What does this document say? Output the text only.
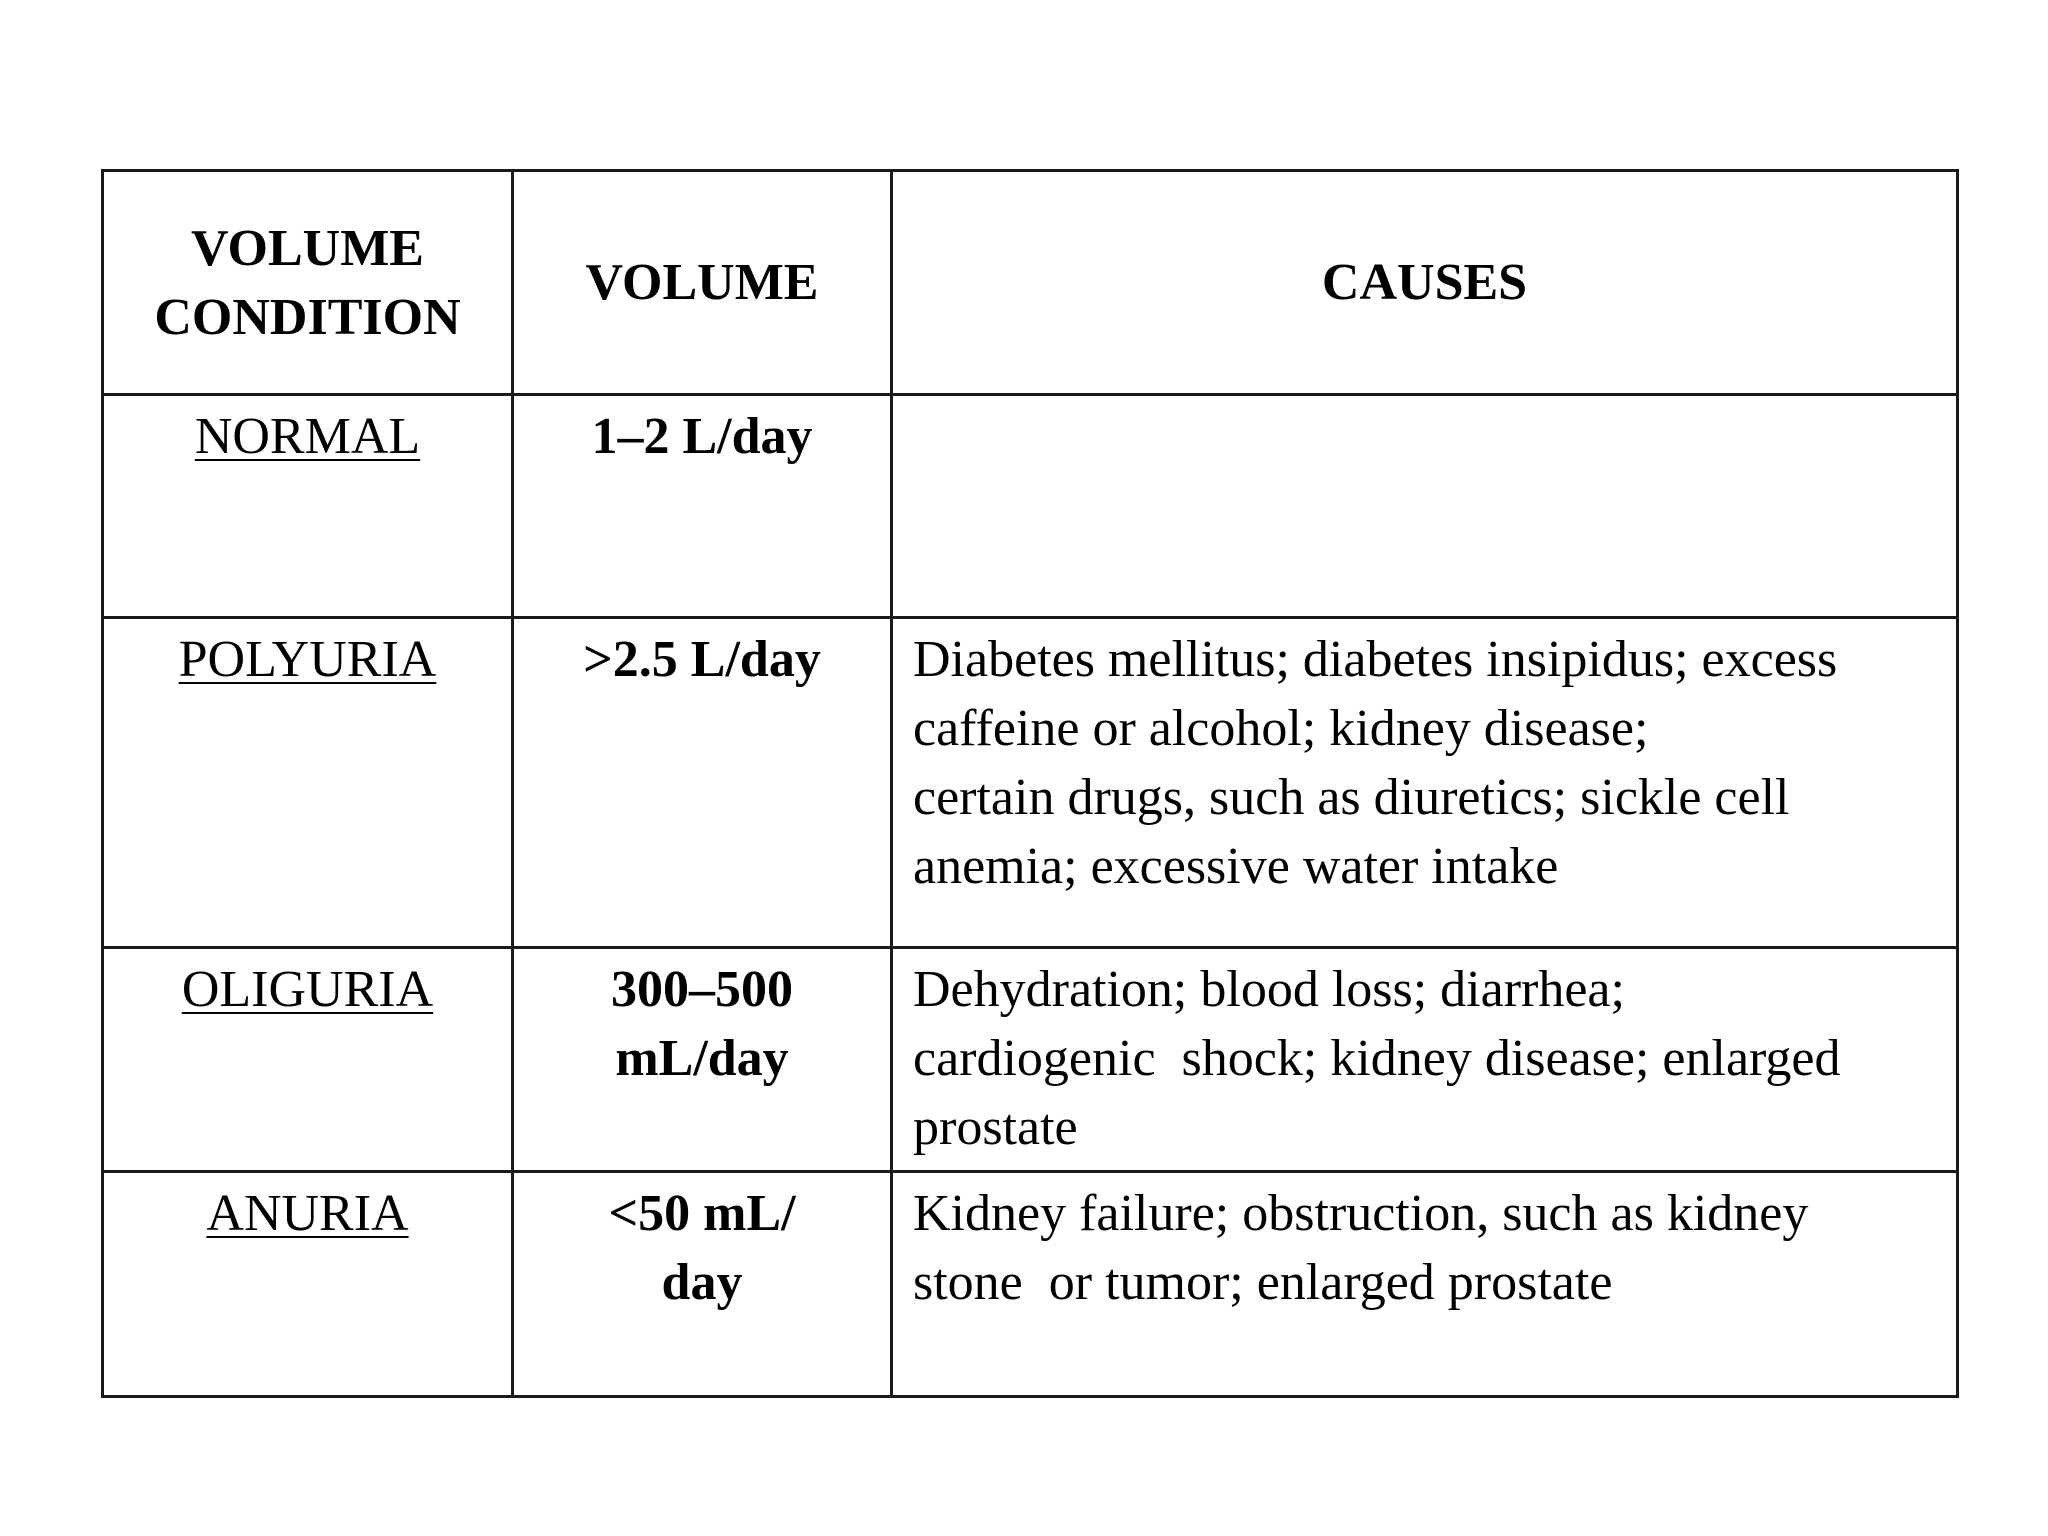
VOLUME
CONDITION	VOLUME	CAUSES
NORMAL	1–2 L/day	

POLYURIA	>2.5 L/day	Diabetes mellitus; diabetes insipidus; excess
caffeine or alcohol; kidney disease;
certain drugs, such as diuretics; sickle cell
anemia; excessive water intake

OLIGURIA	300–500
mL/day	Dehydration; blood loss; diarrhea;
cardiogenic  shock; kidney disease; enlarged
prostate

ANURIA	<50 mL/
day	Kidney failure; obstruction, such as kidney
stone  or tumor; enlarged prostate
